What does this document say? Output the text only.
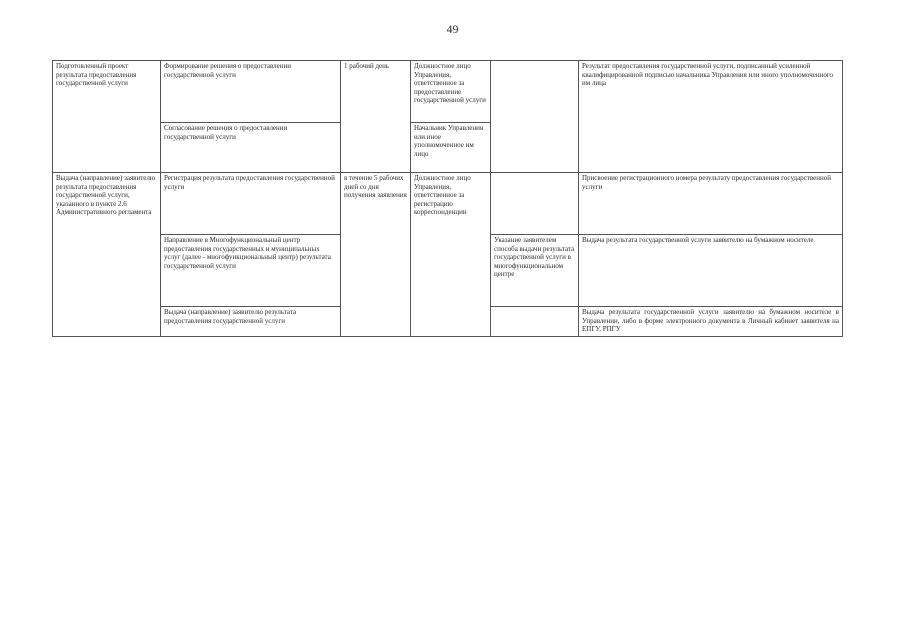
49
Подготовленный проект результата предоставления государственной услуги	Формирование решения о предоставлении государственной услуги	1 рабочий день	Должностное лицо Управления, ответственное за предоставление государственной услуги		Результат предоставления государственной услуги, подписанный усиленной квалифицированной подписью начальника Управления или иного уполномоченного им лица
	Согласование решения о предоставлении государственной услуги		Начальник Управления или иное уполномоченное им лицо		
Выдача (направление) заявителю результата предоставления государственной услуги, указанного в пункте 2.6 Административного регламента	Регистрация результата предоставления государственной услуги	в течение 5 рабочих дней со дня получения заявления	Должностное лицо Управления, ответственное за регистрацию корреспонденции		Присвоение регистрационного номера результату предоставления государственной услуги
	Направление в Многофункциональный центр предоставления государственных и муниципальных услуг (далее - многофункциональный центр) результата государственной услуги			Указание заявителем способа выдачи результата государственной услуги в многофункциональном центре	Выдача результата государственной услуги заявителю на бумажном носителе
	Выдача (направление) заявителю результата предоставления государственной услуги				Выдача результата государственной услуги заявителю на бумажном носителе в Управлении, либо в форме электронного документа в Личный кабинет заявителя на ЕПГУ, РПГУ
